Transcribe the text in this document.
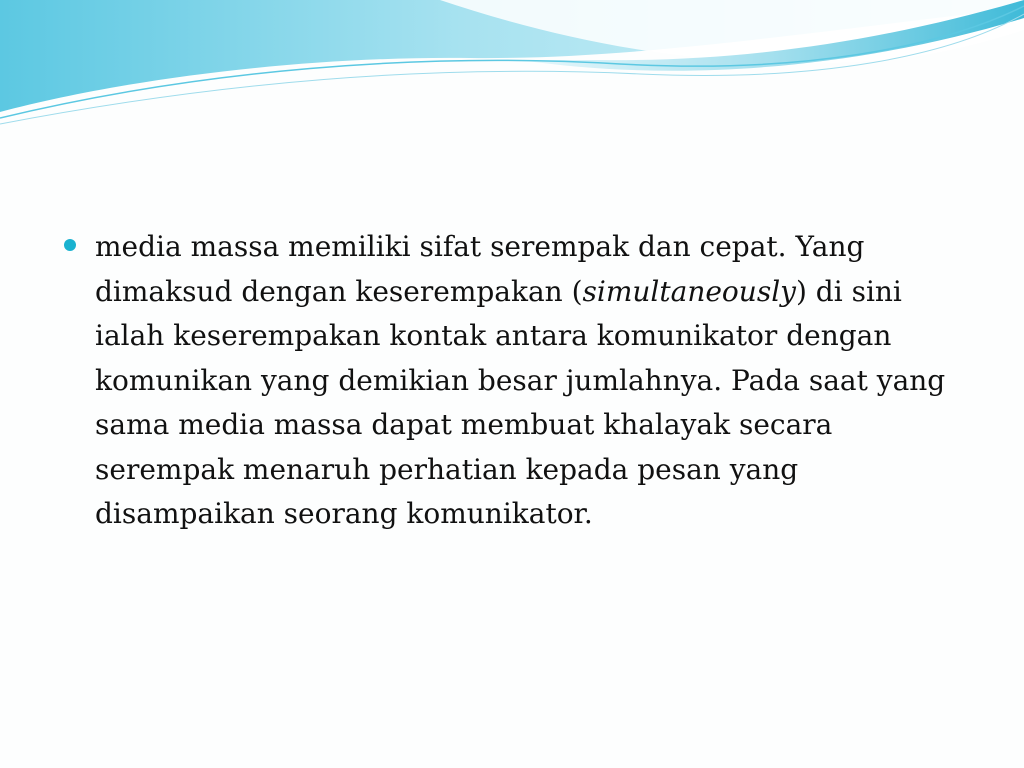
media massa memiliki sifat serempak dan cepat. Yang dimaksud dengan keserempakan (simultaneously) di sini ialah keserempakan kontak antara komunikator dengan komunikan yang demikian besar jumlahnya. Pada saat yang sama media massa dapat membuat khalayak secara serempak menaruh perhatian kepada pesan yang disampaikan seorang komunikator.
